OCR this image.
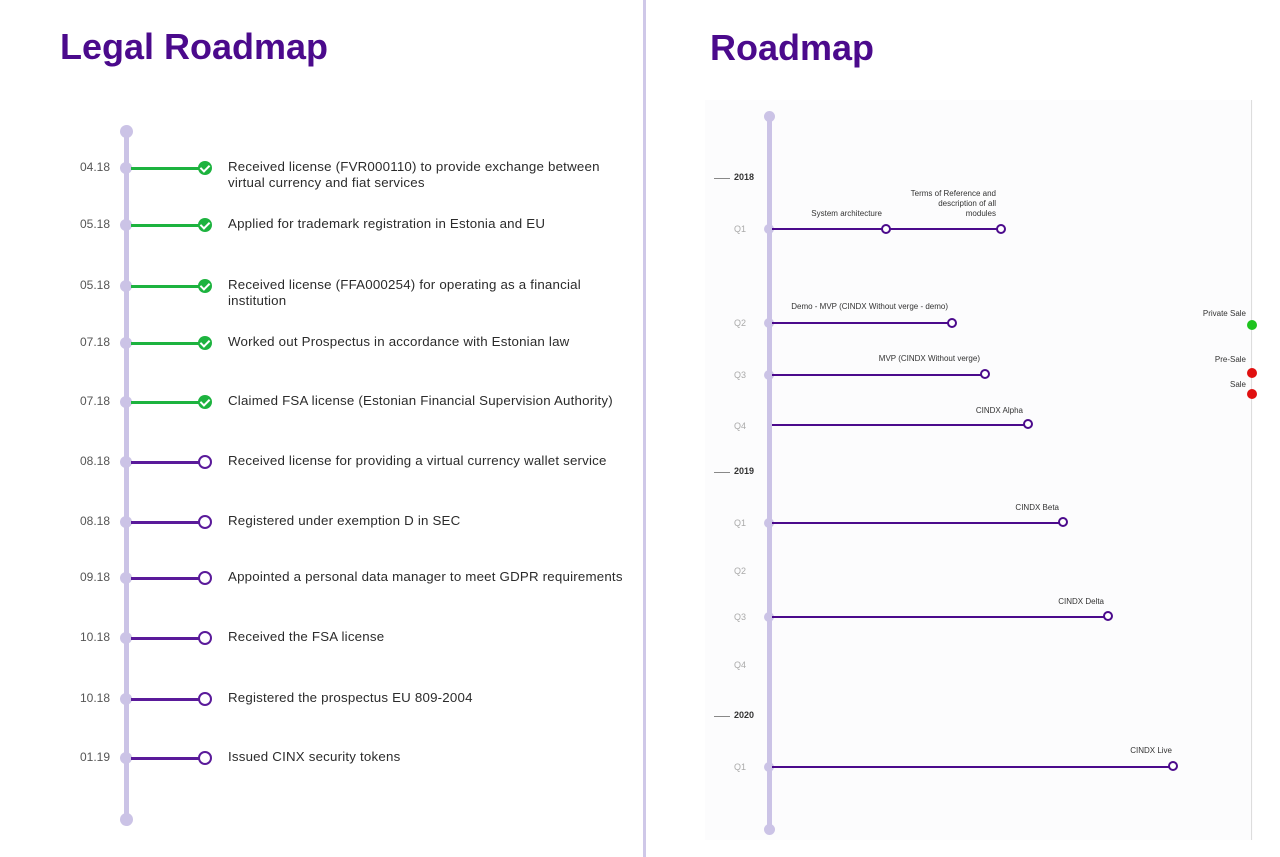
Legal Roadmap
04.18	Received license (FVR000110) to provide exchange between virtual currency and fiat services
05.18	Applied for trademark registration in Estonia and EU
05.18	Received license (FFA000254) for operating as a financial institution
07.18	Worked out Prospectus in accordance with Estonian law
07.18	Claimed FSA license (Estonian Financial Supervision Authority)
08.18	Received license for providing a virtual currency wallet service
08.18	Registered under exemption D in SEC
09.18	Appointed a personal data manager to meet GDPR requirements
10.18	Received the FSA license
10.18	Registered the prospectus EU 809-2004
01.19	Issued CINX security tokens
Roadmap
2018
2019
2020
Q1
Q2
Q3
Q4
Q1
Q2
Q3
Q4
Q1
System architecture
Terms of Reference and description of all modules
Demo - MVP (CINDX Without verge - demo)
MVP (CINDX Without verge)
CINDX Alpha
CINDX Beta
CINDX Delta
CINDX Live
Private Sale
Pre-Sale
Sale
